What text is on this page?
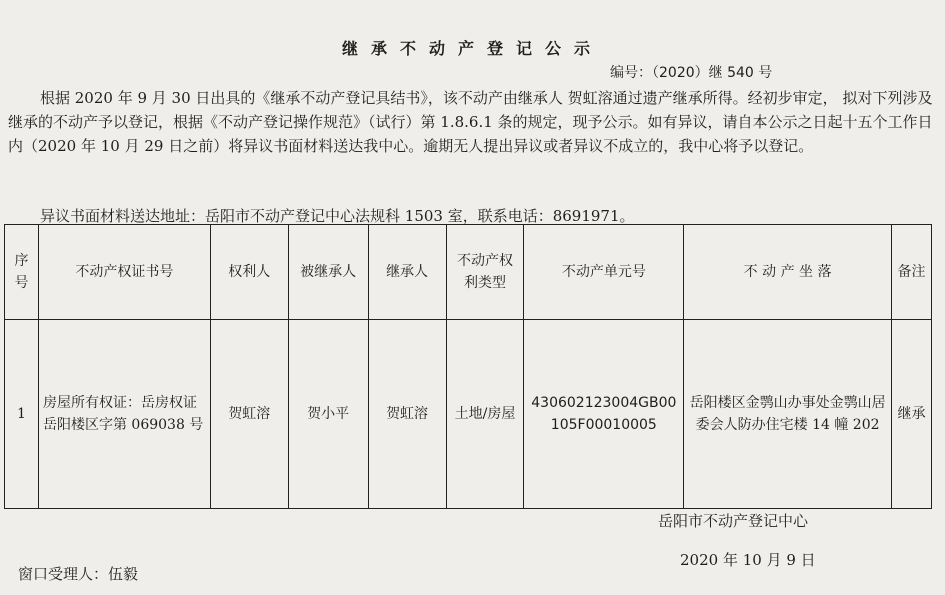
继承不动产登记公示
编号：（2020）继 540 号

根据 2020 年 9 月 30 日出具的《继承不动产登记具结书》，该不动产由继承人 贺虹溶通过遗产继承所得。经初步审定， 拟对下列涉及继承的不动产予以登记，根据《不动产登记操作规范》（试行）第 1.8.6.1 条的规定，现予公示。如有异议，请自本公示之日起十五个工作日内（2020 年 10 月 29 日之前）将异议书面材料送达我中心。逾期无人提出异议或者异议不成立的，我中心将予以登记。

异议书面材料送达地址：岳阳市不动产登记中心法规科 1503 室，联系电话：8691971。
序号	不动产权证书号	权利人	被继承人	继承人	不动产权利类型	不动产单元号	不 动 产 坐 落	备注
1	房屋所有权证：岳房权证岳阳楼区字第 069038 号	贺虹溶	贺小平	贺虹溶	土地/房屋	430602123004GB00105F00010005	岳阳楼区金鹗山办事处金鹗山居委会人防办住宅楼 14 幢 202	继承
岳阳市不动产登记中心
2020 年 10 月 9 日
窗口受理人：伍毅
